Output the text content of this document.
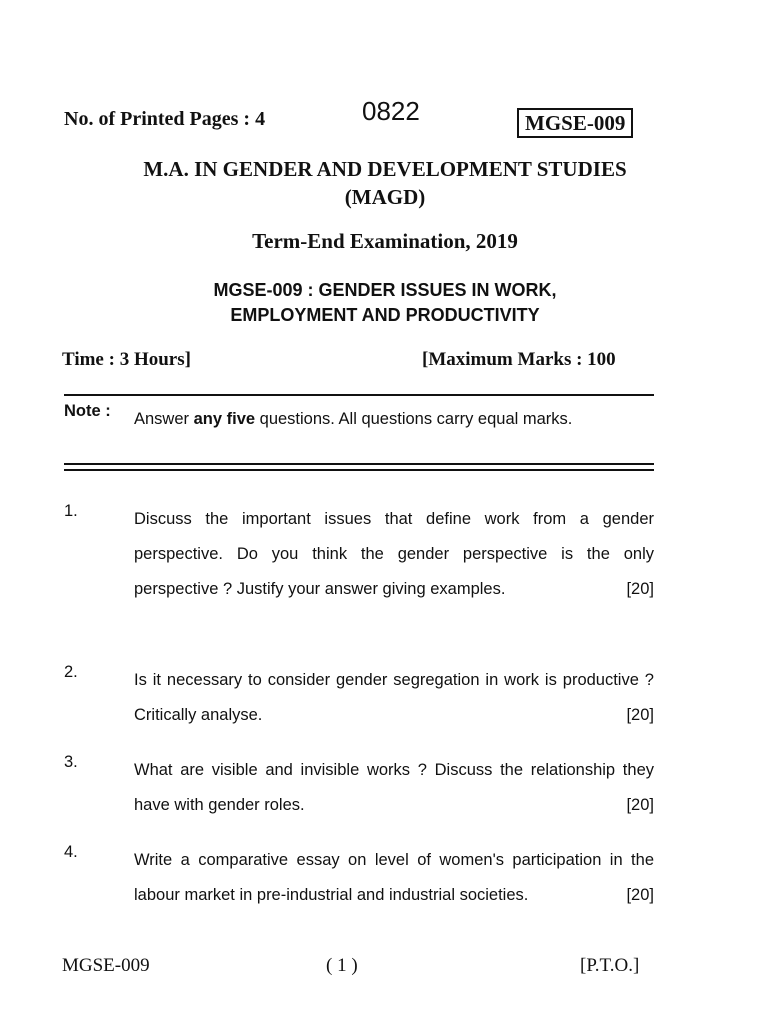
No. of Printed Pages : 4	0822	MGSE-009
M.A. IN GENDER AND DEVELOPMENT STUDIES
(MAGD)
Term-End Examination, 2019
MGSE-009 : GENDER ISSUES IN WORK,
EMPLOYMENT AND PRODUCTIVITY
Time : 3 Hours]	[Maximum Marks : 100
Note : Answer any five questions. All questions carry equal marks.
1.	Discuss the important issues that define work from a gender perspective. Do you think the gender perspective is the only perspective ? Justify your answer giving examples.	[20]
2.	Is it necessary to consider gender segregation in work is productive ? Critically analyse.	[20]
3.	What are visible and invisible works ? Discuss the relationship they have with gender roles.	[20]
4.	Write a comparative essay on level of women's participation in the labour market in pre-industrial and industrial societies.	[20]
MGSE-009	( 1 )	[P.T.O.]
